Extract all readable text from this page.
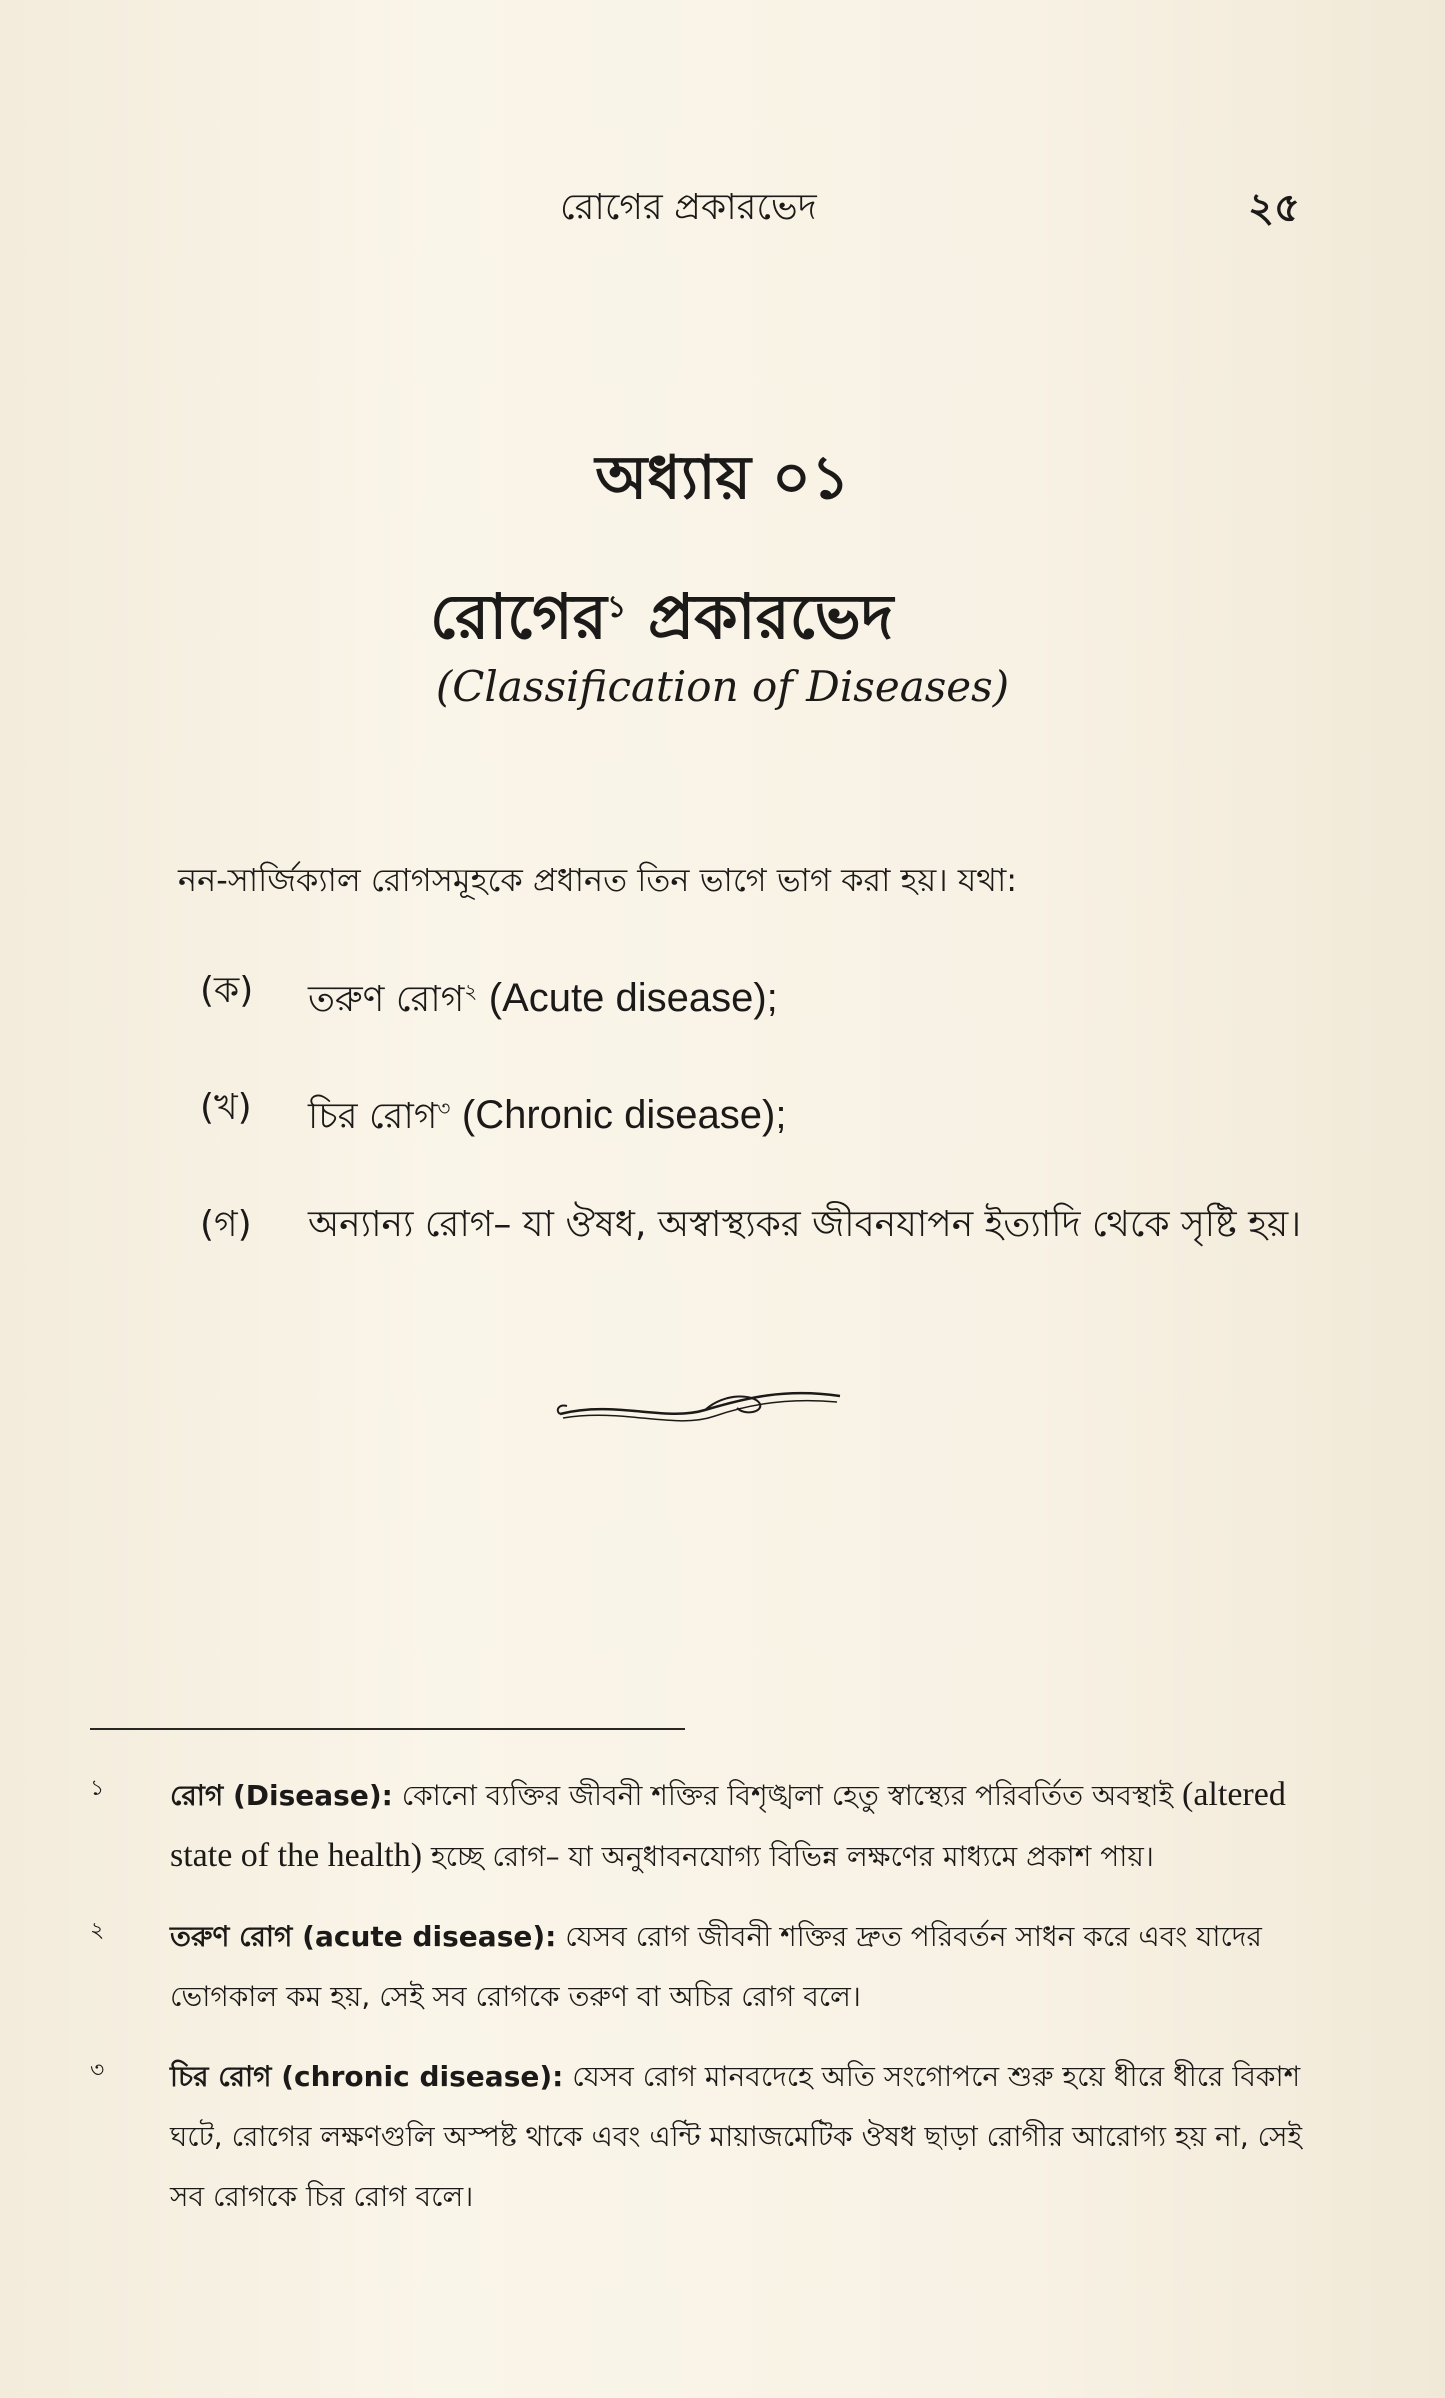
রোগের প্রকারভেদ	২৫
অধ্যায় ০১
রোগের$^১$ প্রকারভেদ
(Classification of Diseases)
নন-সার্জিক্যাল রোগসমূহকে প্রধানত তিন ভাগে ভাগ করা হয়। যথা:
(ক)	তরুণ রোগ$^২$ (Acute disease);
(খ)	চির রোগ$^৩$ (Chronic disease);
(গ)	অন্যান্য রোগ– যা ঔষধ, অস্বাস্থ্যকর জীবনযাপন ইত্যাদি থেকে সৃষ্টি হয়।
১ রোগ (Disease): কোনো ব্যক্তির জীবনী শক্তির বিশৃঙ্খলা হেতু স্বাস্থ্যের পরিবর্তিত অবস্থাই (altered state of the health) হচ্ছে রোগ– যা অনুধাবনযোগ্য বিভিন্ন লক্ষণের মাধ্যমে প্রকাশ পায়।
২ তরুণ রোগ (acute disease): যেসব রোগ জীবনী শক্তির দ্রুত পরিবর্তন সাধন করে এবং যাদের ভোগকাল কম হয়, সেই সব রোগকে তরুণ বা অচির রোগ বলে।
৩ চির রোগ (chronic disease): যেসব রোগ মানবদেহে অতি সংগোপনে শুরু হয়ে ধীরে ধীরে বিকাশ ঘটে, রোগের লক্ষণগুলি অস্পষ্ট থাকে এবং এন্টি মায়াজমেটিক ঔষধ ছাড়া রোগীর আরোগ্য হয় না, সেই সব রোগকে চির রোগ বলে।
